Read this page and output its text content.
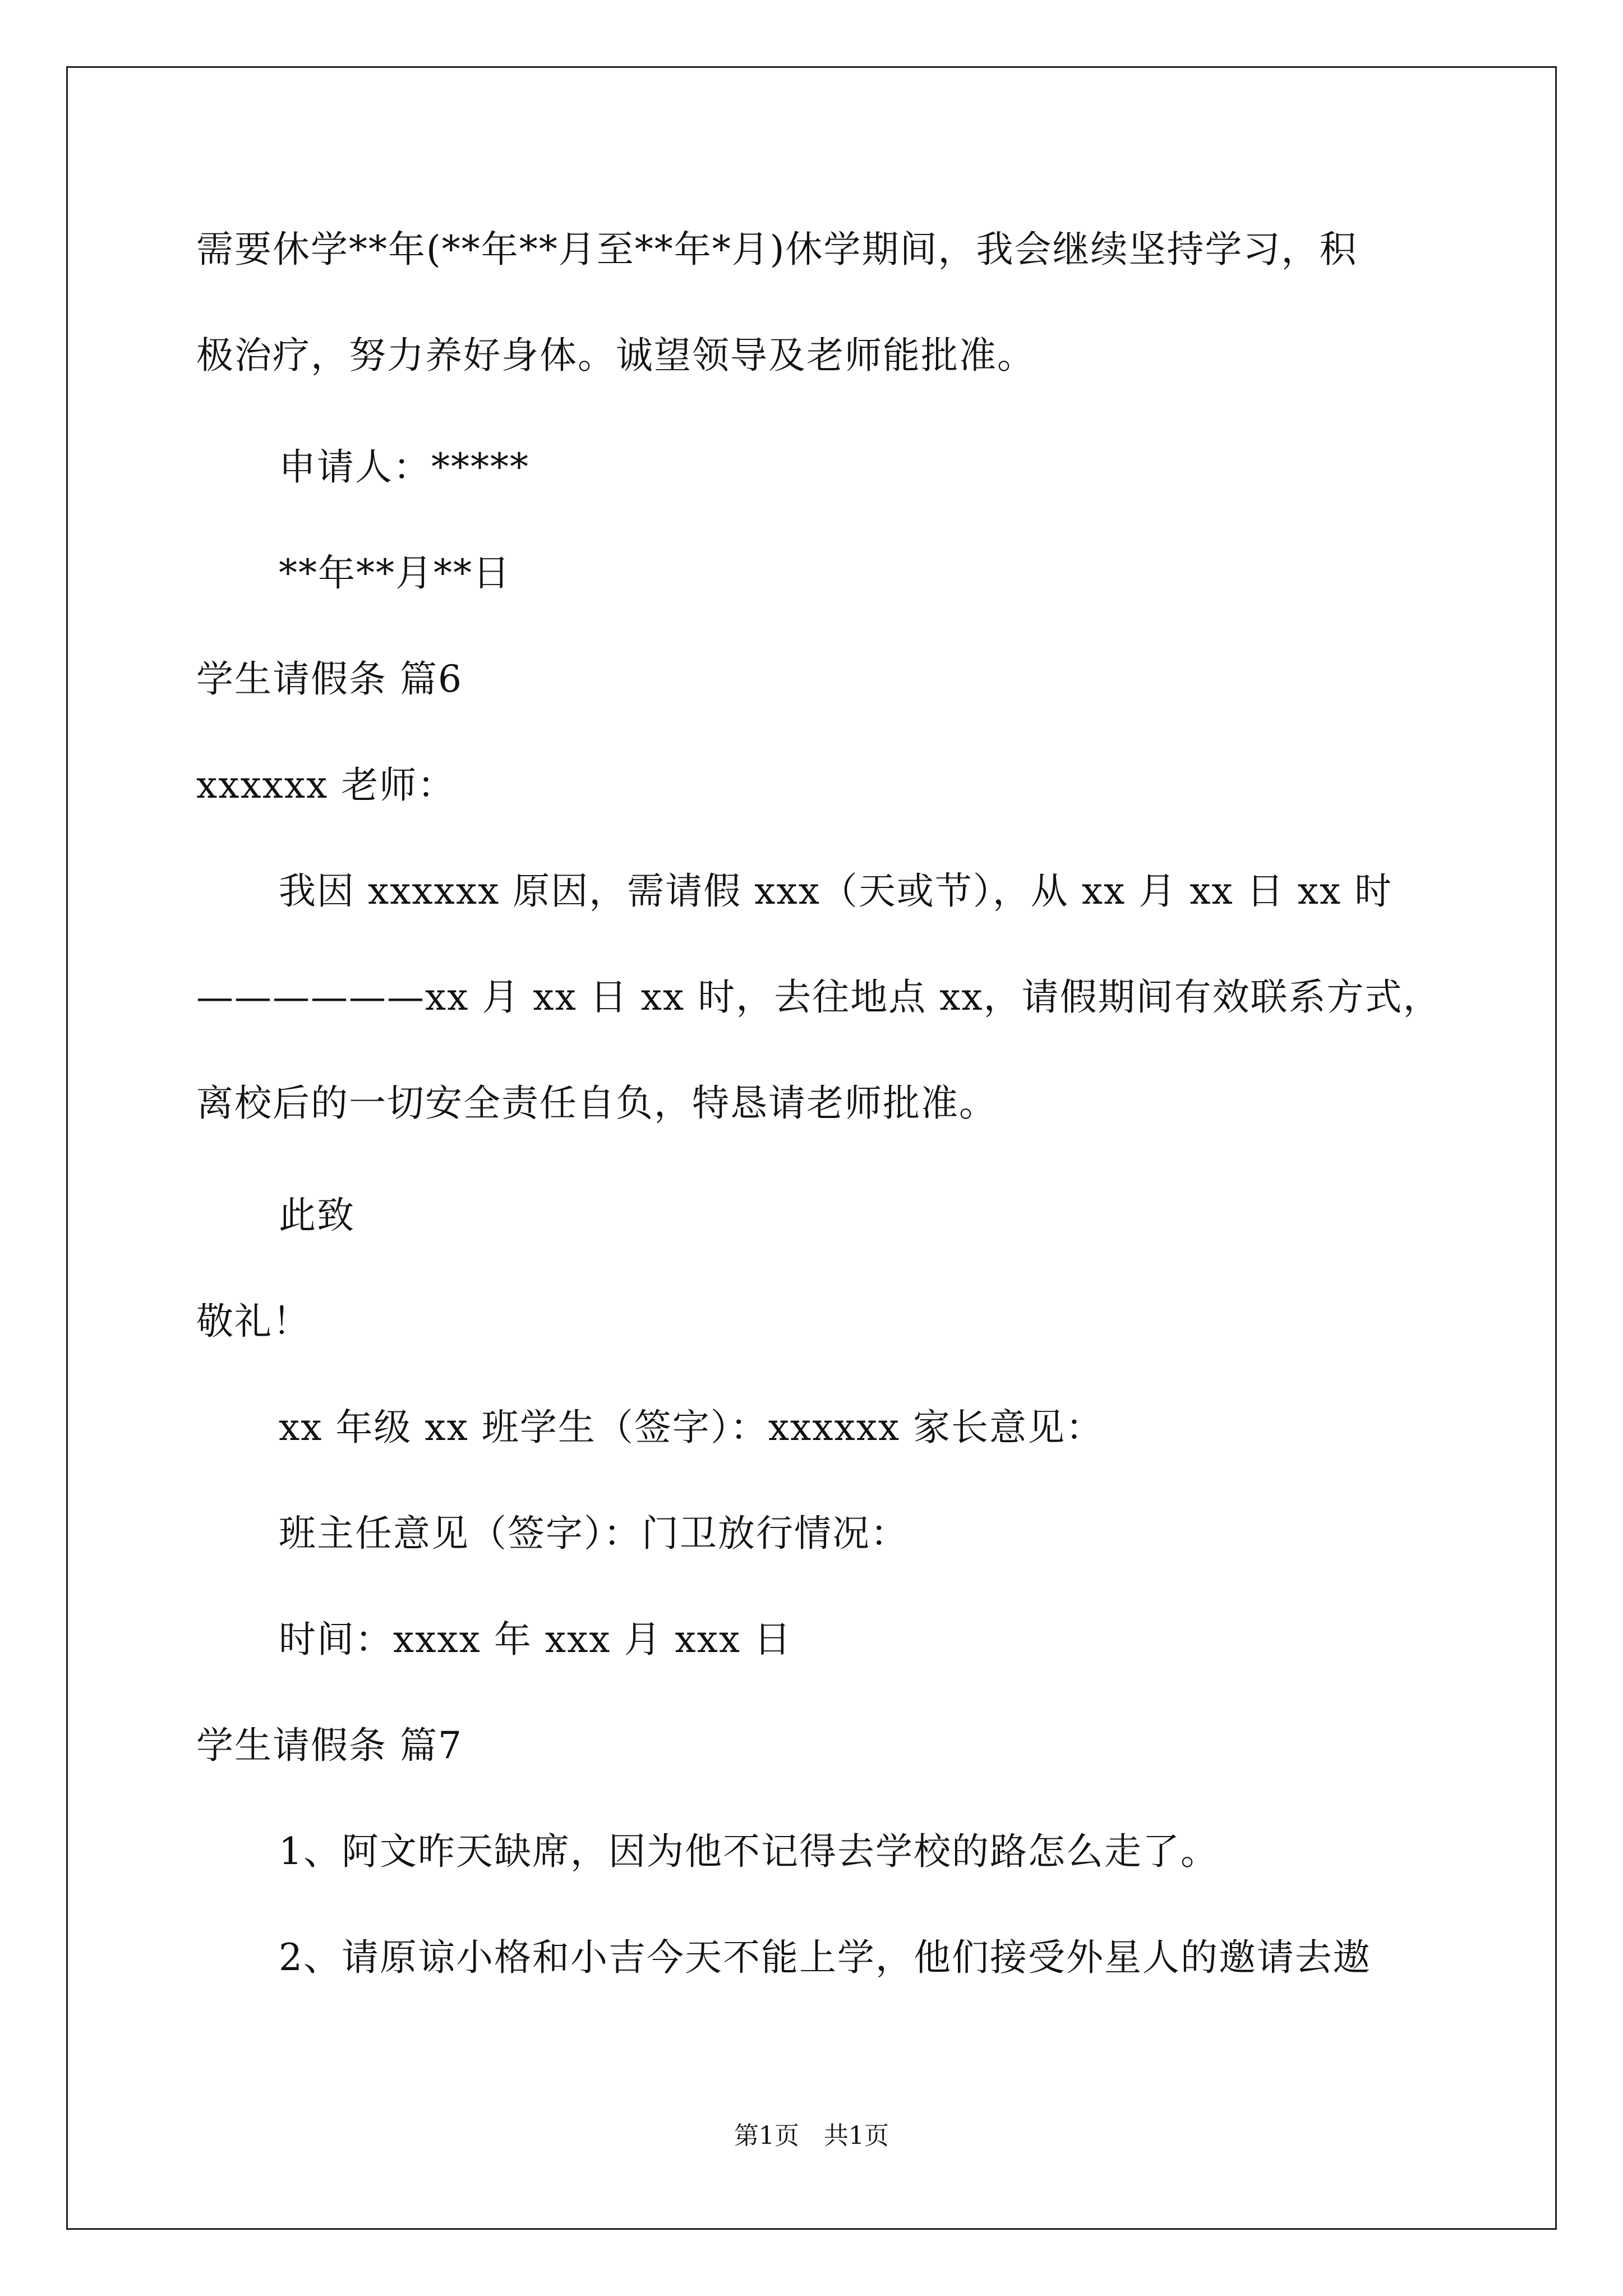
需要休学**年(**年**月至**年*月)休学期间，我会继续坚持学习，积
极治疗，努力养好身体。诚望领导及老师能批准。
申请人：*****
**年**月**日
学生请假条 篇6
xxxxxx 老师：
我因 xxxxxx 原因，需请假 xxx（天或节），从 xx 月 xx 日 xx 时
——————xx 月 xx 日 xx 时，去往地点 xx，请假期间有效联系方式，
离校后的一切安全责任自负，特恳请老师批准。
此致
敬礼！
xx 年级 xx 班学生（签字）：xxxxxx 家长意见：
班主任意见（签字）：门卫放行情况：
时间：xxxx 年 xxx 月 xxx 日
学生请假条 篇7
1、阿文昨天缺席，因为他不记得去学校的路怎么走了。
2、请原谅小格和小吉今天不能上学，他们接受外星人的邀请去遨
第1页　共1页
